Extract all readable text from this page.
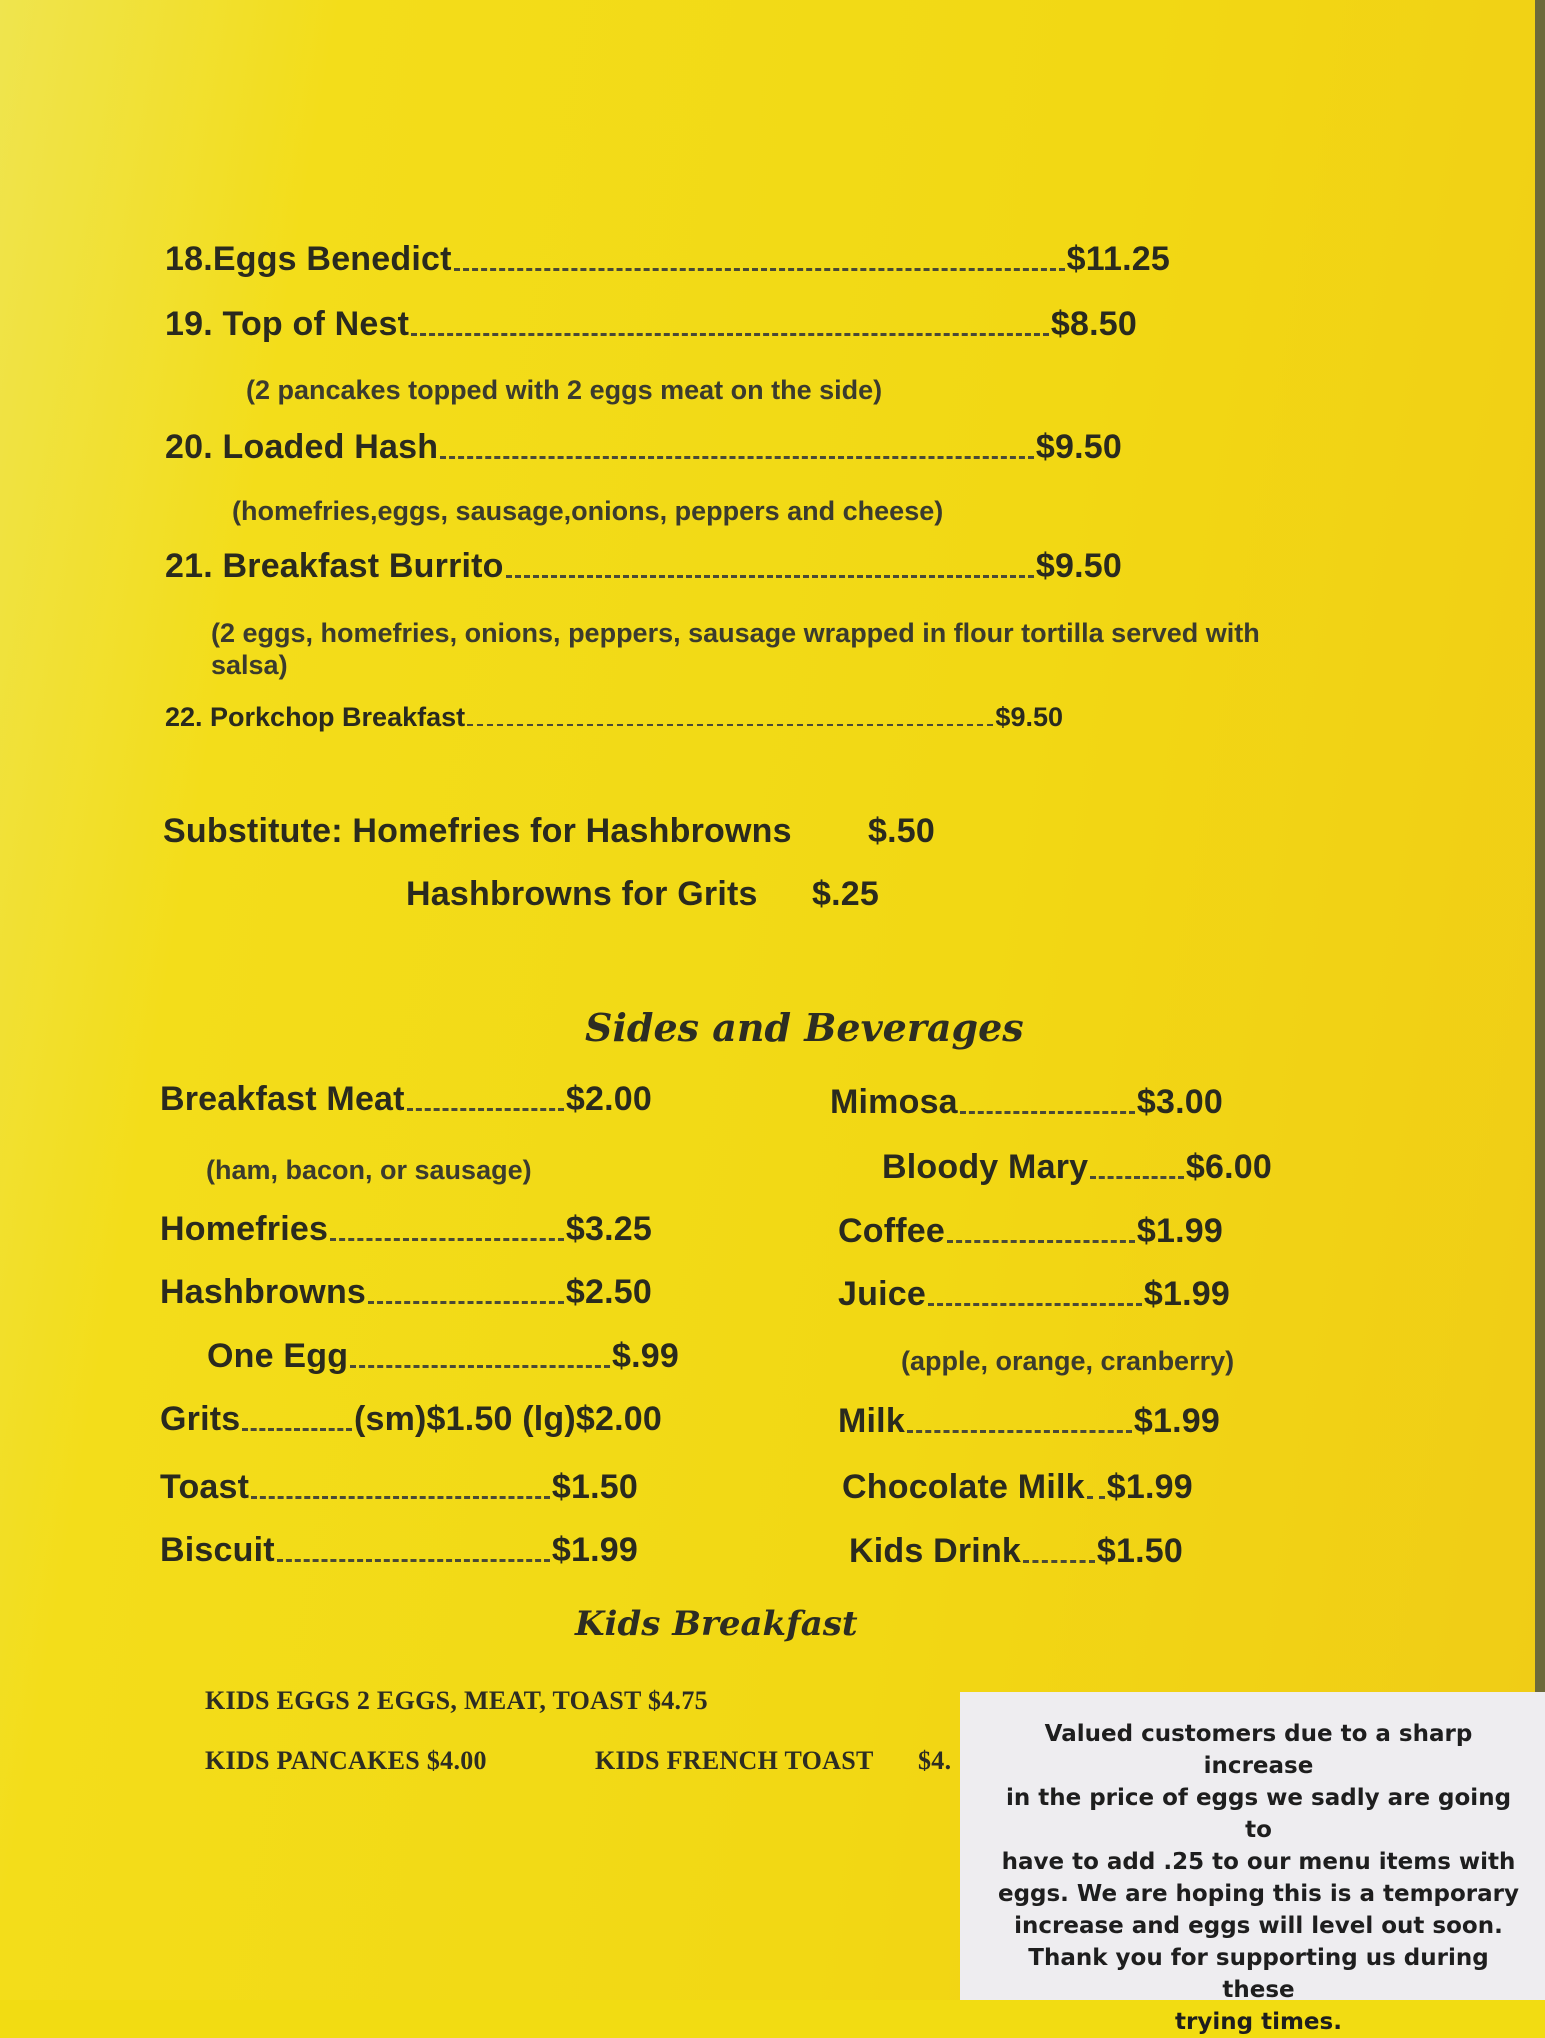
18.Eggs Benedict	$11.25
19. Top of Nest	$8.50
(2 pancakes topped with 2 eggs meat on the side)
20. Loaded Hash	$9.50
(homefries,eggs, sausage,onions, peppers and cheese)
21. Breakfast Burrito	$9.50
(2 eggs, homefries, onions, peppers, sausage wrapped in flour tortilla served with
salsa)
22. Porkchop Breakfast	$9.50
Substitute: Homefries for Hashbrowns $.50
Hashbrowns for Grits $.25
Sides and Beverages
Breakfast Meat	$2.00
(ham, bacon, or sausage)
Homefries	$3.25
Hashbrowns	$2.50
One Egg	$.99
Grits	(sm)$1.50 (lg)$2.00
Toast	$1.50
Biscuit	$1.99
Mimosa	$3.00
Bloody Mary	$6.00
Coffee	$1.99
Juice	$1.99
(apple, orange, cranberry)
Milk	$1.99
Chocolate Milk $1.99
Kids Drink $1.50
Kids Breakfast
KIDS EGGS 2 EGGS, MEAT, TOAST $4.75
KIDS PANCAKES $4.00	KIDS FRENCH TOAST $4.
Valued customers due to a sharp increase
in the price of eggs we sadly are going to
have to add .25 to our menu items with
eggs. We are hoping this is a temporary
increase and eggs will level out soon.
Thank you for supporting us during these
trying times.
